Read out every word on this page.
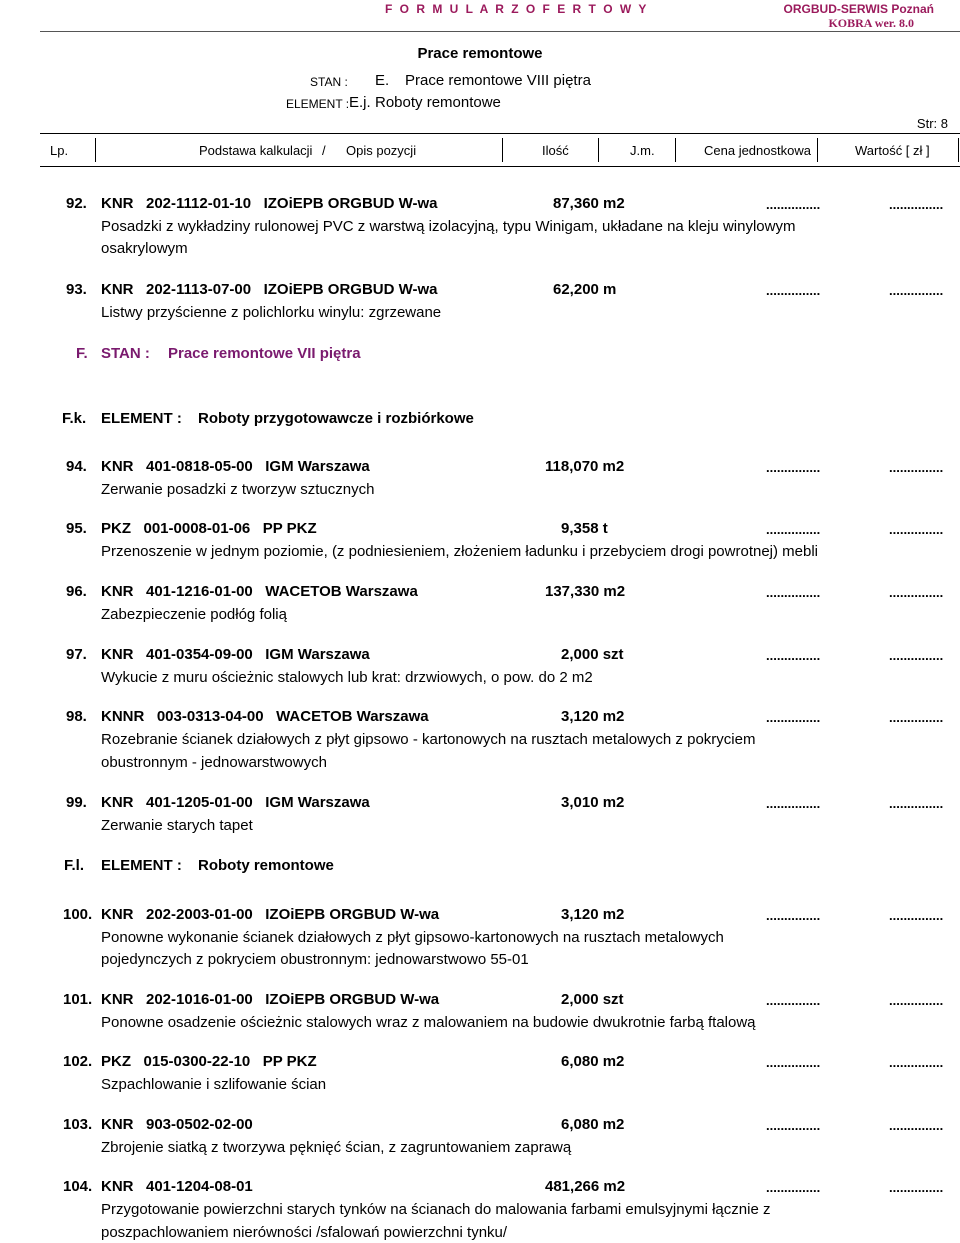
F O R M U L A R Z O F E R T O W Y	ORGBUD-SERWIS Poznań
KOBRA wer. 8.0
Prace remontowe
STAN : E. Prace remontowe VIII piętra
ELEMENT : E.j. Roboty remontowe
Str: 8
Lp.	Podstawa kalkulacji / Opis pozycji	Ilość	J.m.	Cena jednostkowa	Wartość [ zł ]
92. KNR   202-1112-01-10   IZOiEPB ORGBUD W-wa	87,360 m2	...............	...............
Posadzki z wykładziny rulonowej PVC z warstwą izolacyjną, typu Winigam, układane na kleju winylowym
osakrylowym
93. KNR   202-1113-07-00   IZOiEPB ORGBUD W-wa	62,200 m	...............	...............
Listwy przyścienne z polichlorku winylu: zgrzewane
F. STAN : Prace remontowe VII piętra
F.k. ELEMENT : Roboty przygotowawcze i rozbiórkowe
94. KNR   401-0818-05-00   IGM Warszawa	118,070 m2	...............	...............
Zerwanie posadzki z tworzyw sztucznych
95. PKZ   001-0008-01-06   PP PKZ	9,358 t	...............	...............
Przenoszenie w jednym poziomie, (z podniesieniem, złożeniem ładunku i przebyciem drogi powrotnej) mebli
96. KNR   401-1216-01-00   WACETOB Warszawa	137,330 m2	...............	...............
Zabezpieczenie podłóg folią
97. KNR   401-0354-09-00   IGM Warszawa	2,000 szt	...............	...............
Wykucie z muru ościeżnic stalowych lub krat: drzwiowych, o pow. do 2 m2
98. KNNR   003-0313-04-00   WACETOB Warszawa	3,120 m2	...............	...............
Rozebranie ścianek działowych z płyt gipsowo - kartonowych na rusztach metalowych z pokryciem
obustronnym - jednowarstwowych
99. KNR   401-1205-01-00   IGM Warszawa	3,010 m2	...............	...............
Zerwanie starych tapet
F.l. ELEMENT : Roboty remontowe
100. KNR   202-2003-01-00   IZOiEPB ORGBUD W-wa	3,120 m2	...............	...............
Ponowne wykonanie ścianek działowych z płyt gipsowo-kartonowych na rusztach metalowych
pojedynczych z pokryciem obustronnym: jednowarstwowo 55-01
101. KNR   202-1016-01-00   IZOiEPB ORGBUD W-wa	2,000 szt	...............	...............
Ponowne osadzenie ościeżnic stalowych wraz z malowaniem na budowie dwukrotnie farbą ftalową
102. PKZ   015-0300-22-10   PP PKZ	6,080 m2	...............	...............
Szpachlowanie i szlifowanie ścian
103. KNR   903-0502-02-00	6,080 m2	...............	...............
Zbrojenie siatką z tworzywa pęknięć ścian, z zagruntowaniem zaprawą
104. KNR   401-1204-08-01	481,266 m2	...............	...............
Przygotowanie powierzchni starych tynków na ścianach do malowania farbami emulsyjnymi łącznie z
poszpachlowaniem nierówności /sfalowań powierzchni tynku/
